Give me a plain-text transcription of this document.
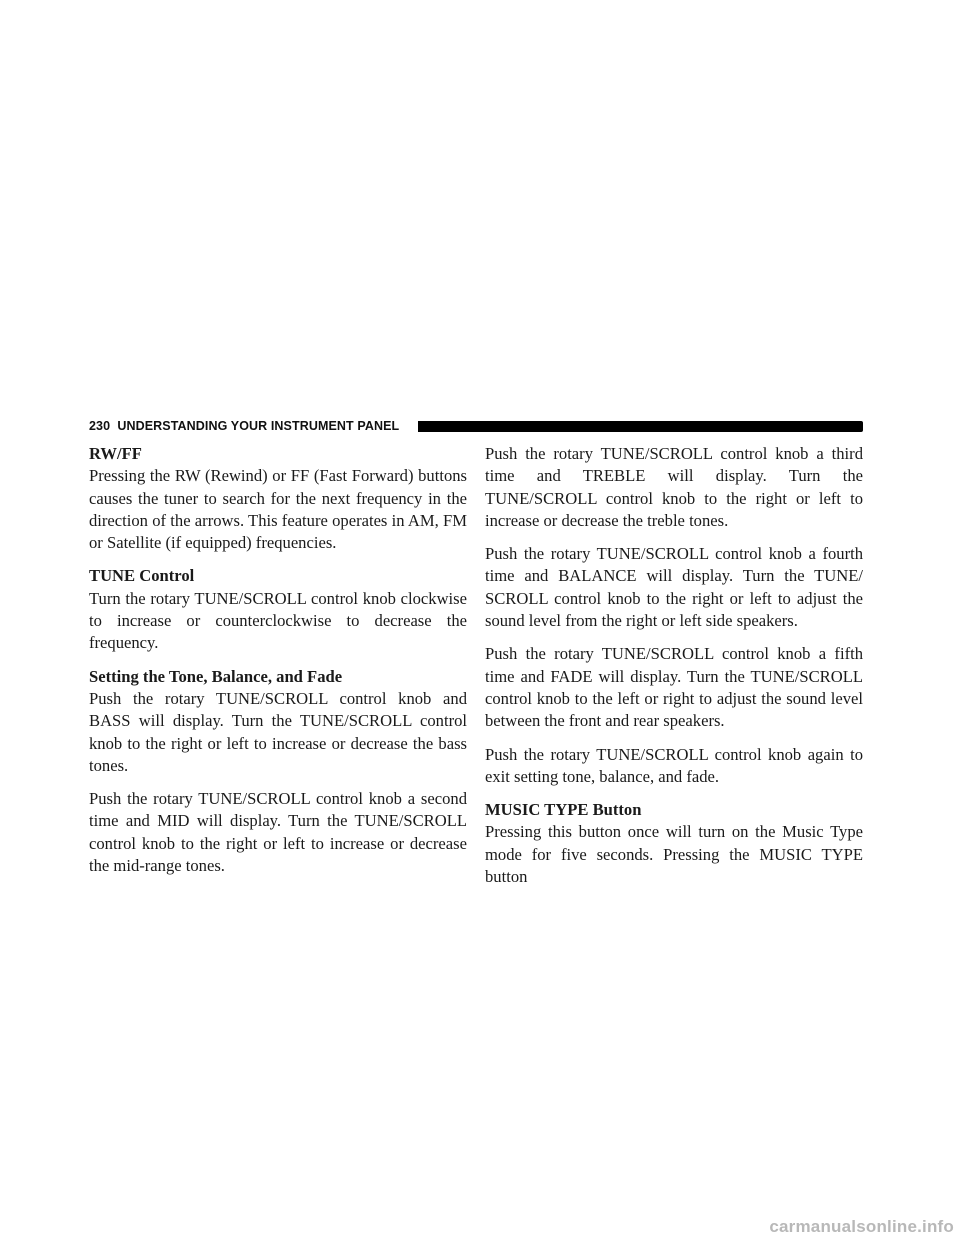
230 UNDERSTANDING YOUR INSTRUMENT PANEL
RW/FF

Pressing the RW (Rewind) or FF (Fast Forward) buttons causes the tuner to search for the next frequency in the direction of the arrows. This feature operates in AM, FM or Satellite (if equipped) frequencies.

TUNE Control

Turn the rotary TUNE/SCROLL control knob clockwise to increase or counterclockwise to decrease the frequency.

Setting the Tone, Balance, and Fade

Push the rotary TUNE/SCROLL control knob and BASS will display. Turn the TUNE/SCROLL control knob to the right or left to increase or decrease the bass tones.

Push the rotary TUNE/SCROLL control knob a second time and MID will display. Turn the TUNE/SCROLL control knob to the right or left to increase or decrease the mid-range tones.

Push the rotary TUNE/SCROLL control knob a third time and TREBLE will display. Turn the TUNE/SCROLL control knob to the right or left to increase or decrease the treble tones.

Push the rotary TUNE/SCROLL control knob a fourth time and BALANCE will display. Turn the TUNE/ SCROLL control knob to the right or left to adjust the sound level from the right or left side speakers.

Push the rotary TUNE/SCROLL control knob a fifth time and FADE will display. Turn the TUNE/SCROLL control knob to the left or right to adjust the sound level between the front and rear speakers.

Push the rotary TUNE/SCROLL control knob again to exit setting tone, balance, and fade.

MUSIC TYPE Button

Pressing this button once will turn on the Music Type mode for five seconds. Pressing the MUSIC TYPE button

carmanualsonline.info
